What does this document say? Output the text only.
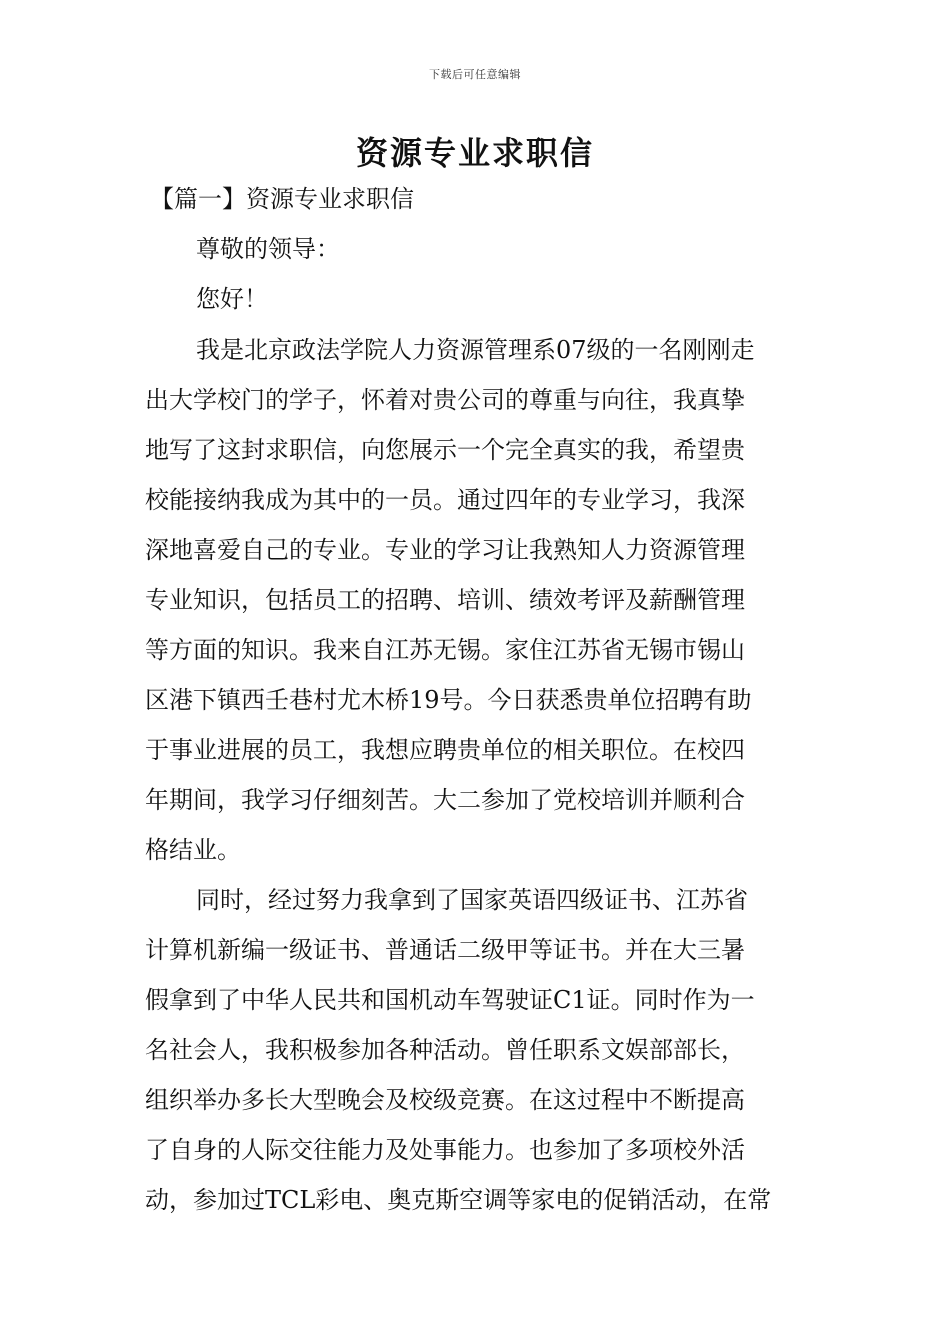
下载后可任意编辑
资源专业求职信
【篇一】资源专业求职信
尊敬的领导：
您好！
我是北京政法学院人力资源管理系07级的一名刚刚走
出大学校门的学子，怀着对贵公司的尊重与向往，我真挚
地写了这封求职信，向您展示一个完全真实的我，希望贵
校能接纳我成为其中的一员。通过四年的专业学习，我深
深地喜爱自己的专业。专业的学习让我熟知人力资源管理
专业知识，包括员工的招聘、培训、绩效考评及薪酬管理
等方面的知识。我来自江苏无锡。家住江苏省无锡市锡山
区港下镇西壬巷村尤木桥19号。今日获悉贵单位招聘有助
于事业进展的员工，我想应聘贵单位的相关职位。在校四
年期间，我学习仔细刻苦。大二参加了党校培训并顺利合
格结业。
同时，经过努力我拿到了国家英语四级证书、江苏省
计算机新编一级证书、普通话二级甲等证书。并在大三暑
假拿到了中华人民共和国机动车驾驶证C1证。同时作为一
名社会人，我积极参加各种活动。曾任职系文娱部部长，
组织举办多长大型晚会及校级竞赛。在这过程中不断提高
了自身的人际交往能力及处事能力。也参加了多项校外活
动，参加过TCL彩电、奥克斯空调等家电的促销活动，在常
